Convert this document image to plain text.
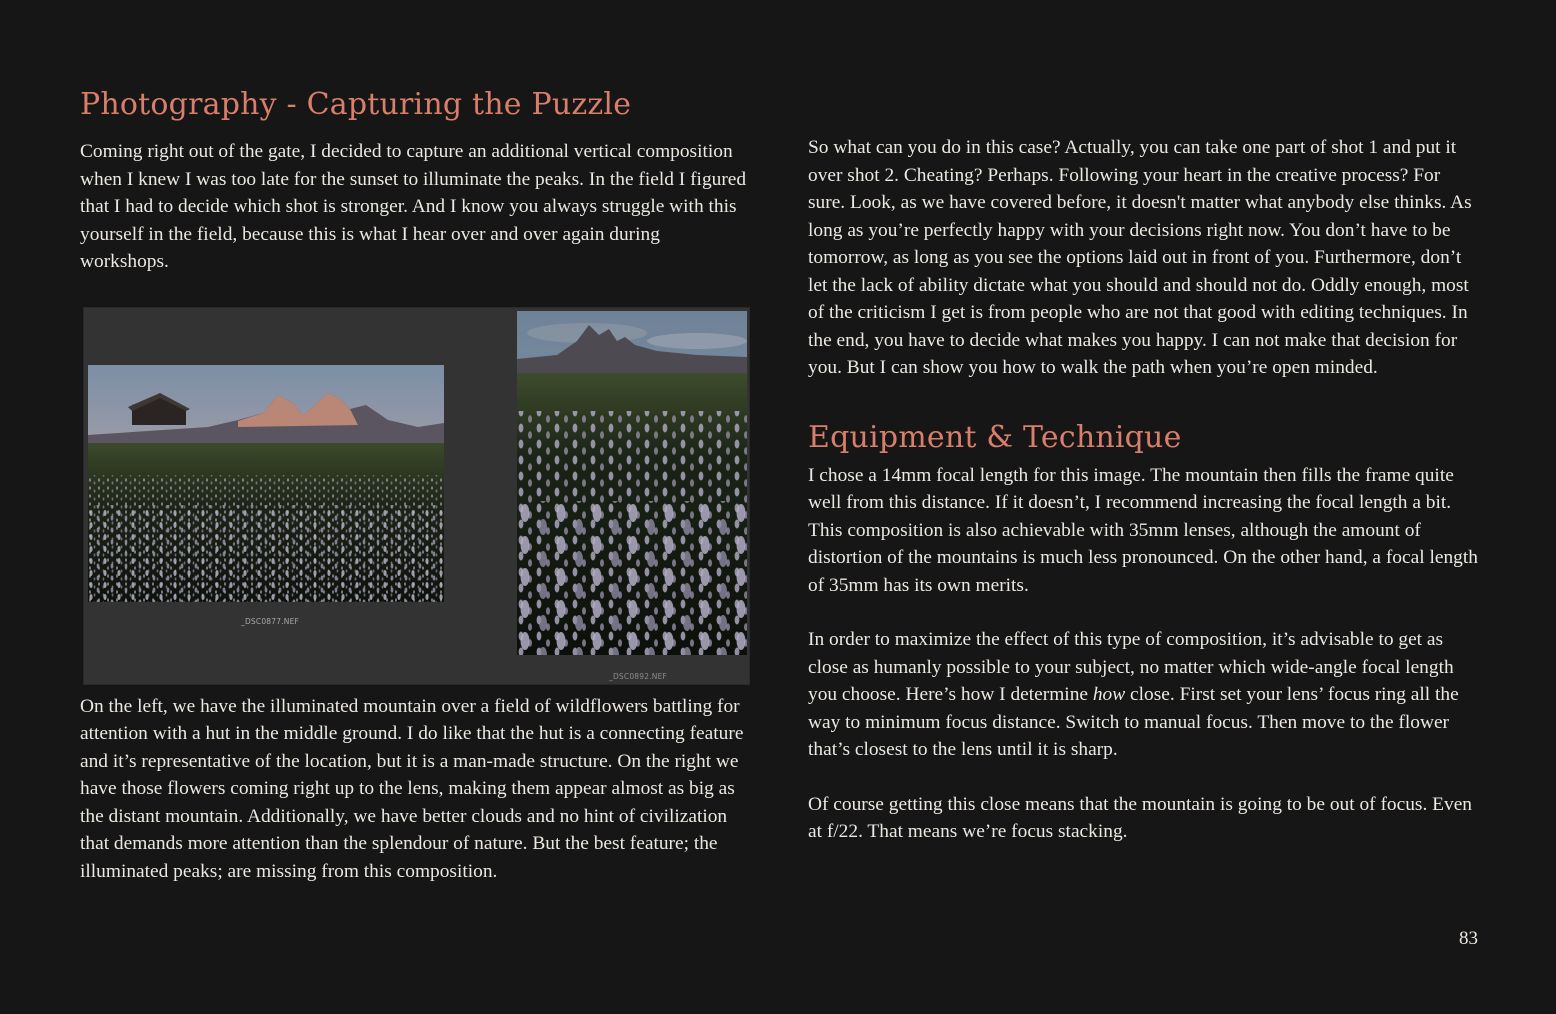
Photography - Capturing the Puzzle

Coming right out of the gate, I decided to capture an additional vertical composition when I knew I was too late for the sunset to illuminate the peaks. In the field I figured that I had to decide which shot is stronger. And I know you always struggle with this yourself in the field, because this is what I hear over and over again during workshops.

_DSC0877.NEF
_DSC0892.NEF

On the left, we have the illuminated mountain over a field of wildflowers battling for attention with a hut in the middle ground. I do like that the hut is a connecting feature and it’s representative of the location, but it is a man-made structure. On the right we have those flowers coming right up to the lens, making them appear almost as big as the distant mountain. Additionally, we have better clouds and no hint of civilization that demands more attention than the splendour of nature. But the best feature; the illuminated peaks; are missing from this composition.

So what can you do in this case? Actually, you can take one part of shot 1 and put it over shot 2. Cheating? Perhaps. Following your heart in the creative process? For sure. Look, as we have covered before, it doesn't matter what anybody else thinks. As long as you’re perfectly happy with your decisions right now. You don’t have to be tomorrow, as long as you see the options laid out in front of you. Furthermore, don’t let the lack of ability dictate what you should and should not do. Oddly enough, most of the criticism I get is from people who are not that good with editing techniques. In the end, you have to decide what makes you happy. I can not make that decision for you. But I can show you how to walk the path when you’re open minded.

Equipment & Technique

I chose a 14mm focal length for this image. The mountain then fills the frame quite well from this distance. If it doesn’t, I recommend increasing the focal length a bit. This composition is also achievable with 35mm lenses, although the amount of distortion of the mountains is much less pronounced. On the other hand, a focal length of 35mm has its own merits.

In order to maximize the effect of this type of composition, it’s advisable to get as close as humanly possible to your subject, no matter which wide-angle focal length you choose. Here’s how I determine how close. First set your lens’ focus ring all the way to minimum focus distance. Switch to manual focus. Then move to the flower that’s closest to the lens until it is sharp.

Of course getting this close means that the mountain is going to be out of focus. Even at f/22. That means we’re focus stacking.

83
